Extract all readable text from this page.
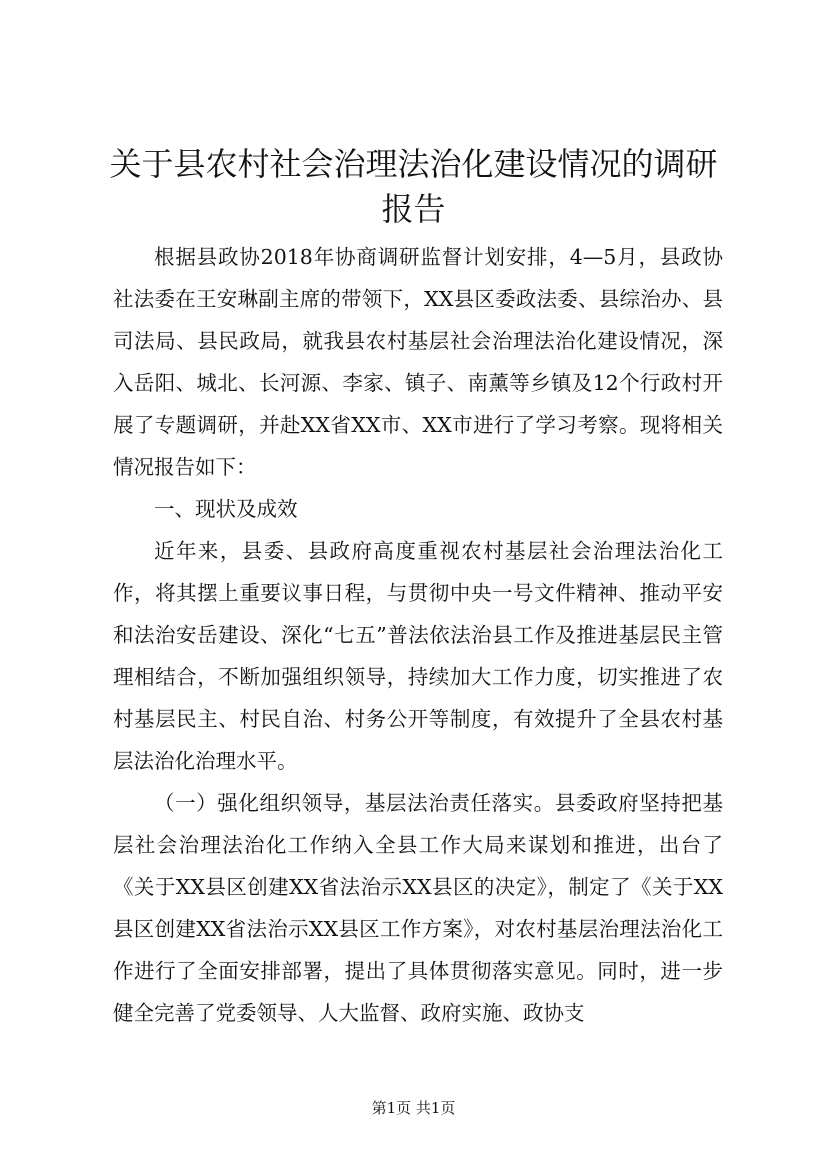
关于县农村社会治理法治化建设情况的调研报告

根据县政协2018年协商调研监督计划安排，4—5月，县政协社法委在王安琳副主席的带领下，XX县区委政法委、县综治办、县司法局、县民政局，就我县农村基层社会治理法治化建设情况，深入岳阳、城北、长河源、李家、镇子、南薰等乡镇及12个行政村开展了专题调研，并赴XX省XX市、XX市进行了学习考察。现将相关情况报告如下：

一、现状及成效

近年来，县委、县政府高度重视农村基层社会治理法治化工作，将其摆上重要议事日程，与贯彻中央一号文件精神、推动平安和法治安岳建设、深化“七五”普法依法治县工作及推进基层民主管理相结合，不断加强组织领导，持续加大工作力度，切实推进了农村基层民主、村民自治、村务公开等制度，有效提升了全县农村基层法治化治理水平。

（一）强化组织领导，基层法治责任落实。县委政府坚持把基层社会治理法治化工作纳入全县工作大局来谋划和推进，出台了《关于XX县区创建XX省法治示XX县区的决定》，制定了《关于XX县区创建XX省法治示XX县区工作方案》，对农村基层治理法治化工作进行了全面安排部署，提出了具体贯彻落实意见。同时，进一步健全完善了党委领导、人大监督、政府实施、政协支

第1页 共1页
